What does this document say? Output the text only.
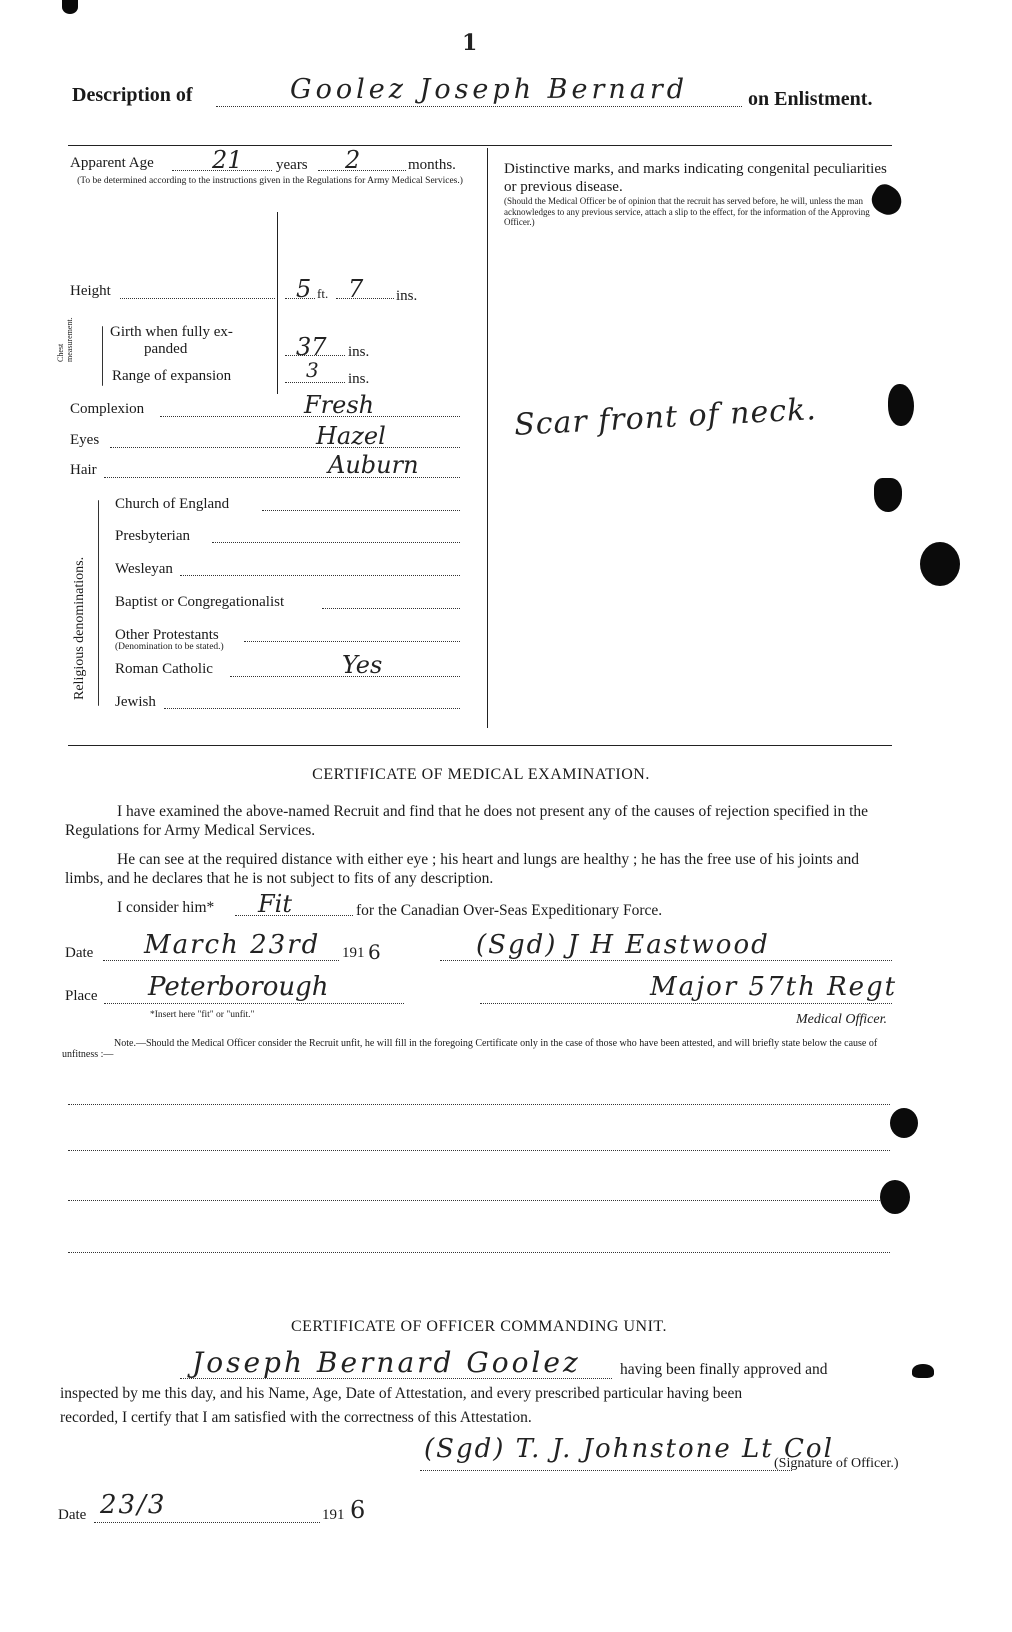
1
Description of	Goolez Joseph Bernard	on Enlistment.
Apparent Age 21 years 2	months.
(To be determined according to the instructions given in the Regulations for Army Medical Services.)
Height	5 ft. 7 ins.
Chest measurement. Girth when fully ex-
panded	37 ins.
Range of expansion	3 ins.
Complexion	Fresh
Eyes	Hazel
Hair	Auburn
Religious denominations.
Church of England
Presbyterian
Wesleyan
Baptist or Congregationalist
Other Protestants
(Denomination to be stated.)
Roman Catholic	Yes
Jewish
Distinctive marks, and marks indicating congenital peculiarities or previous disease.
(Should the Medical Officer be of opinion that the recruit has served before, he will, unless the man acknowledges to any previous service, attach a slip to the effect, for the information of the Approving Officer.)
Scar front of neck.
CERTIFICATE OF MEDICAL EXAMINATION.
I have examined the above-named Recruit and find that he does not present any of the causes of rejection specified in the Regulations for Army Medical Services.
He can see at the required distance with either eye ; his heart and lungs are healthy ; he has the free use of his joints and limbs, and he declares that he is not subject to fits of any description.
I consider him* Fit	for the Canadian Over-Seas Expeditionary Force.
Date March 23rd 191 6	(Sgd) J H Eastwood
Place Peterborough	Major 57th Regt
*Insert here "fit" or "unfit."	Medical Officer.
Note.—Should the Medical Officer consider the Recruit unfit, he will fill in the foregoing Certificate only in the case of those who have been attested, and will briefly state below the cause of unfitness :—
CERTIFICATE OF OFFICER COMMANDING UNIT.
Joseph Bernard Goolez	having been finally approved and
inspected by me this day, and his Name, Age, Date of Attestation, and every prescribed particular having been
recorded, I certify that I am satisfied with the correctness of this Attestation.
(Sgd) T. J. Johnstone Lt Col
(Signature of Officer.)
Date 23/3	191 6
